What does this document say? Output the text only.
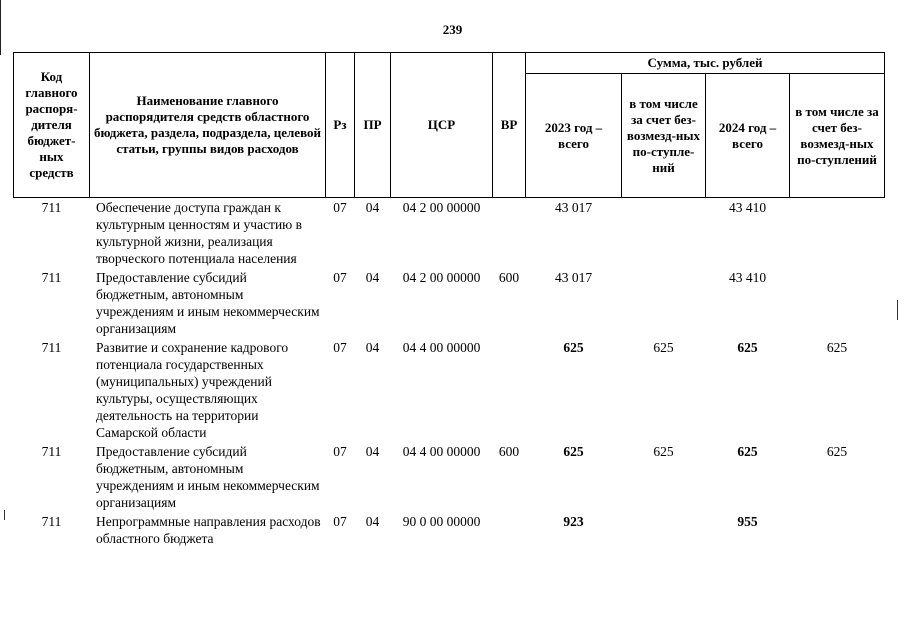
239
Код главного распоря-дителя бюджет-ных средств	Наименование главного распорядителя средств областного бюджета, раздела, подраздела, целевой статьи, группы видов расходов	Рз	ПР	ЦСР	ВР	Сумма, тыс. рублей			
						2023 год – всего	в том числе за счет без-возмезд-ных по-ступле-ний	2024 год – всего	в том числе за счет без-возмезд-ных по-ступлений
711	Обеспечение доступа граждан к культурным ценностям и участию в культурной жизни, реализация творческого потенциала населения	07	04	04 2 00 00000		43 017		43 410	
711	Предоставление субсидий бюджетным, автономным учреждениям и иным некоммерческим организациям	07	04	04 2 00 00000	600	43 017		43 410	
711	Развитие и сохранение кадрового потенциала государственных (муниципальных) учреждений культуры, осуществляющих деятельность на территории Самарской области	07	04	04 4 00 00000		625	625	625	625
711	Предоставление субсидий бюджетным, автономным учреждениям и иным некоммерческим организациям	07	04	04 4 00 00000	600	625	625	625	625
711	Непрограммные направления расходов областного бюджета	07	04	90 0 00 00000		923		955	
